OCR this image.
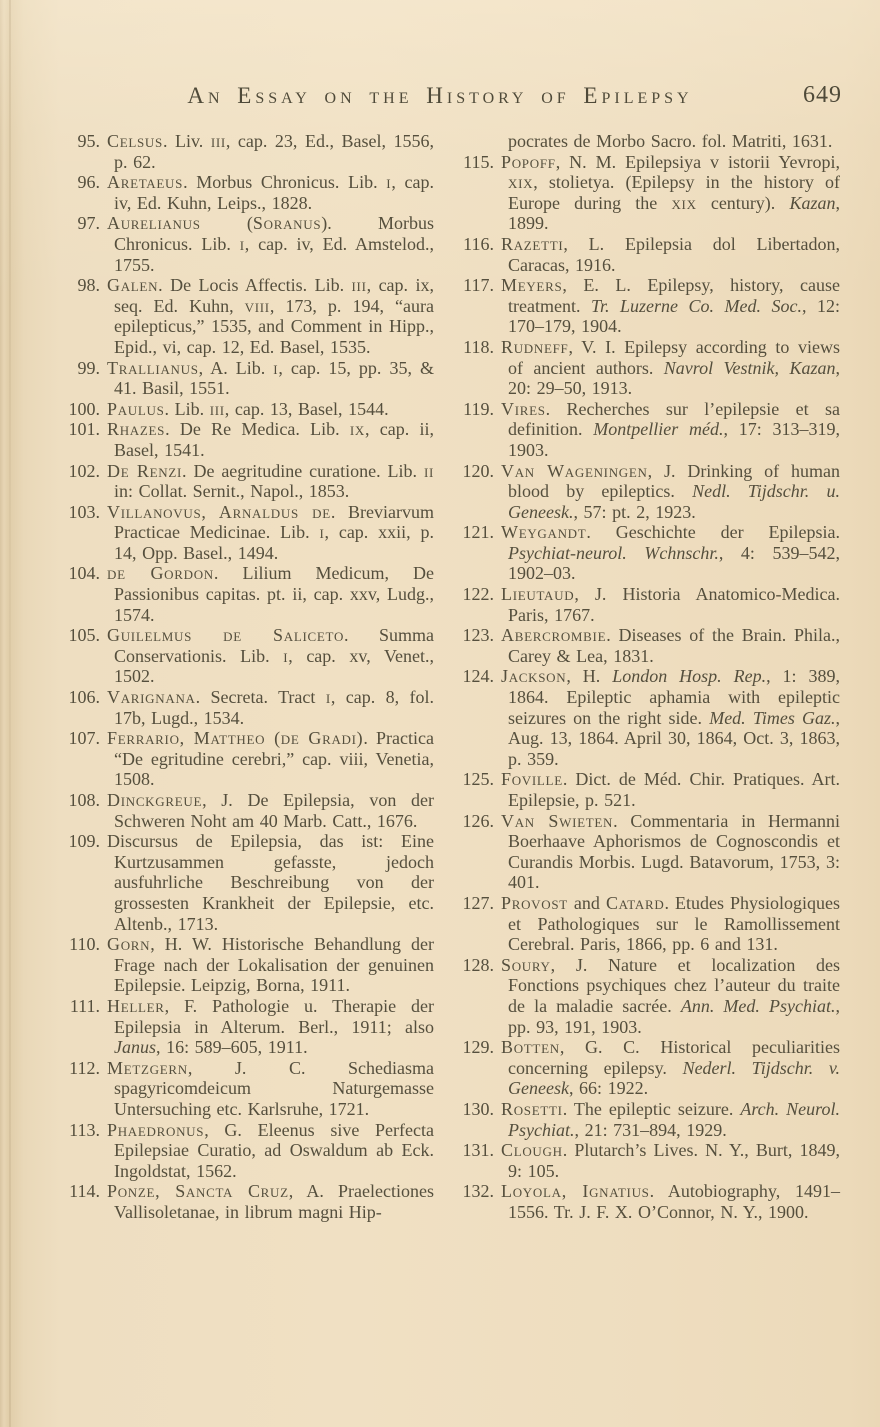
An Essay on the History of Epilepsy	649
95. Celsus. Liv. iii, cap. 23, Ed., Basel, 1556, p. 62.
96. Aretaeus. Morbus Chronicus. Lib. i, cap. iv, Ed. Kuhn, Leips., 1828.
97. Aurelianus (Soranus). Morbus Chronicus. Lib. i, cap. iv, Ed. Amstelod., 1755.
98. Galen. De Locis Affectis. Lib. iii, cap. ix, seq. Ed. Kuhn, viii, 173, p. 194, “aura epilepticus,” 1535, and Comment in Hipp., Epid., vi, cap. 12, Ed. Basel, 1535.
99. Trallianus, A. Lib. i, cap. 15, pp. 35, & 41. Basil, 1551.
100. Paulus. Lib. iii, cap. 13, Basel, 1544.
101. Rhazes. De Re Medica. Lib. ix, cap. ii, Basel, 1541.
102. De Renzi. De aegritudine curatione. Lib. ii in: Collat. Sernit., Napol., 1853.
103. Villanovus, Arnaldus de. Breviarvum Practicae Medicinae. Lib. i, cap. xxii, p. 14, Opp. Basel., 1494.
104. de Gordon. Lilium Medicum, De Passionibus capitas. pt. ii, cap. xxv, Ludg., 1574.
105. Guilelmus de Saliceto. Summa Conservationis. Lib. i, cap. xv, Venet., 1502.
106. Varignana. Secreta. Tract i, cap. 8, fol. 17b, Lugd., 1534.
107. Ferrario, Mattheo (de Gradi). Practica “De egritudine cerebri,” cap. viii, Venetia, 1508.
108. Dinckgreue, J. De Epilepsia, von der Schweren Noht am 40 Marb. Catt., 1676.
109. Discursus de Epilepsia, das ist: Eine Kurtzusammen gefasste, jedoch ausfuhrliche Beschreibung von der grossesten Krankheit der Epilepsie, etc. Altenb., 1713.
110. Gorn, H. W. Historische Behandlung der Frage nach der Lokalisation der genuinen Epilepsie. Leipzig, Borna, 1911.
111. Heller, F. Pathologie u. Therapie der Epilepsia in Alterum. Berl., 1911; also Janus, 16: 589–605, 1911.
112. Metzgern, J. C. Schediasma spagyricomdeicum Naturgemasse Untersuching etc. Karlsruhe, 1721.
113. Phaedronus, G. Eleenus sive Perfecta Epilepsiae Curatio, ad Oswaldum ab Eck. Ingoldstat, 1562.
114. Ponze, Sancta Cruz, A. Praelectiones Vallisoletanae, in librum magni Hip-
pocrates de Morbo Sacro. fol. Matriti, 1631.
115. Popoff, N. M. Epilepsiya v istorii Yevropi, xix, stolietya. (Epilepsy in the history of Europe during the xix century). Kazan, 1899.
116. Razetti, L. Epilepsia dol Libertadon, Caracas, 1916.
117. Meyers, E. L. Epilepsy, history, cause treatment. Tr. Luzerne Co. Med. Soc., 12: 170–179, 1904.
118. Rudneff, V. I. Epilepsy according to views of ancient authors. Navrol Vestnik, Kazan, 20: 29–50, 1913.
119. Vires. Recherches sur l’epilepsie et sa definition. Montpellier méd., 17: 313–319, 1903.
120. Van Wageningen, J. Drinking of human blood by epileptics. Nedl. Tijdschr. u. Geneesk., 57: pt. 2, 1923.
121. Weygandt. Geschichte der Epilepsia. Psychiat-neurol. Wchnschr., 4: 539–542, 1902–03.
122. Lieutaud, J. Historia Anatomico-Medica. Paris, 1767.
123. Abercrombie. Diseases of the Brain. Phila., Carey & Lea, 1831.
124. Jackson, H. London Hosp. Rep., 1: 389, 1864. Epileptic aphamia with epileptic seizures on the right side. Med. Times Gaz., Aug. 13, 1864. April 30, 1864, Oct. 3, 1863, p. 359.
125. Foville. Dict. de Méd. Chir. Pratiques. Art. Epilepsie, p. 521.
126. Van Swieten. Commentaria in Hermanni Boerhaave Aphorismos de Cognoscondis et Curandis Morbis. Lugd. Batavorum, 1753, 3: 401.
127. Provost and Catard. Etudes Physiologiques et Pathologiques sur le Ramollissement Cerebral. Paris, 1866, pp. 6 and 131.
128. Soury, J. Nature et localization des Fonctions psychiques chez l’auteur du traite de la maladie sacrée. Ann. Med. Psychiat., pp. 93, 191, 1903.
129. Botten, G. C. Historical peculiarities concerning epilepsy. Nederl. Tijdschr. v. Geneesk, 66: 1922.
130. Rosetti. The epileptic seizure. Arch. Neurol. Psychiat., 21: 731–894, 1929.
131. Clough. Plutarch’s Lives. N. Y., Burt, 1849, 9: 105.
132. Loyola, Ignatius. Autobiography, 1491–1556. Tr. J. F. X. O’Connor, N. Y., 1900.
